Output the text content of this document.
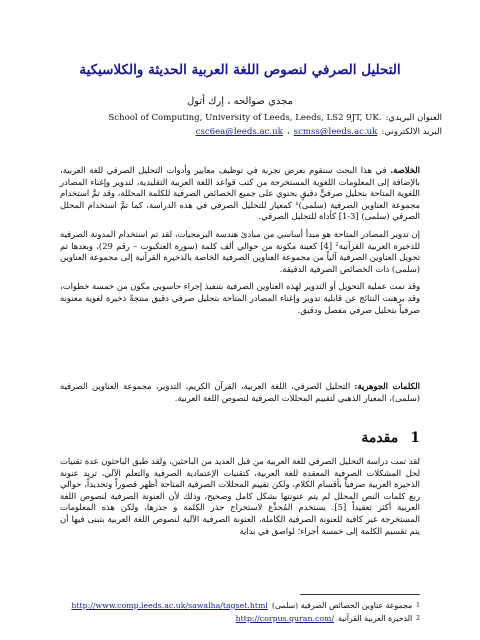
التحليل الصرفي لنصوص اللغة العربية الحديثة والكلاسيكية
مجدي صوالحه ، إرك أتول
العنوان البريدي:
School of Computing, University of Leeds, Leeds, LS2 9JT, UK.
البريد الالكتروني:
scmss@leeds.ac.uk
،
csc6ea@leeds.ac.uk

الخلاصة. في هذا البحث سنقوم بعرض تجربة في توظيف معايير وأدوات التحليل الصرفي للغة العربية، بالإضافة إلى المعلومات اللغوية المستخرجة من كتب قواعد اللغة العربية التقليدية، لتدوير وإغناء المصادر اللغوية المتاحة بتحليل صرفيٍّ دقيقٍ يحتوي على جميع الخصائص الصرفية للكلمة المحللة، وقد تمَّ استخدام مجموعة العناوين الصرفية (سلمى)¹ كمعيار للتحليل الصرفي في هذه الدراسة، كما تمَّ استخدام المحلل الصرفي (سلمى) [3-1] كأداة للتحليل الصرفي.

إن تدوير المصادر المتاحة هو مبدأ أساسي من مبادئ هندسة البرمجيات، لقد تم استخدام المدونة الصرفية للذخيرة العربية القرآنية² [4] كعينة مكونة من حوالي ألف كلمة (سورة العنكبوت – رقم 29)، وبعدها تم تحويل العناوين الصرفية آلياً من مجموعة العناوين الصرفية الخاصة بالذخيرة القرآنية إلى مجموعة العناوين (سلمى) ذات الخصائص الصرفية الدقيقة.

وقد تمت عملية التحويل أو التدوير لهذه العناوين الصرفية بتنفيذ إجراء حاسوبي مكون من خمسة خطوات، وقد برهنت النتائج عن قابلية تدوير وإغناء المصادر المتاحة بتحليل صرفي دقيق منتجةً ذخيرة لغوية معنونة صرفياً بتحليل صرفي مفصل ودقيق.

الكلمات الجوهرية: التحليل الصرفي، اللغة العربية، القرآن الكريم، التدوير، مجموعة العناوين الصرفية (سلمى)، المعيار الذهبي لتقييم المحللات الصرفية لنصوص اللغة العربية.
1
مقدمة
لقد تمت دراسة التحليل الصرفي للغة العربية من قبل العديد من الباحثين، ولقد طبق الباحثون عدة تقنيات لحل المشكلات الصرفية المعقدة للغة العربية، كتقنيات الإعتمادية الصرفية والتعلم الآلي، تريد عنونة الذخيرة العربية صرفياً بأقسام الكلام، ولكن تقييم المحللات الصرفية المتاحة أظهر قصوراً وتحديداً، حوالي ربع كلمات النص المحلل لم يتم عنونتها بشكل كامل وصحيح، وذلك لأن العنونة الصرفية لنصوص اللغة العربية أكثر تعقيداً [5]. يستخدم المُجذِّع لاستخراج جذر الكلمة و جذرها، ولكن هذه المعلومات المستخرجة غير كافية للعنونة الصرفية الكاملة، العنونة الصرفية الآلية لنصوص اللغة العربية بتبنى فيها أن يتم تقسيم الكلمة إلى خمسة أجزاء؛ لواصق في بداية
1
مجموعة عناوين الخصائص الصرفية (سلمى)
http://www.comp.leeds.ac.uk/sawalha/tagset.html
2
الذخيرة العربية القرآنية
http://corpus.quran.com/
